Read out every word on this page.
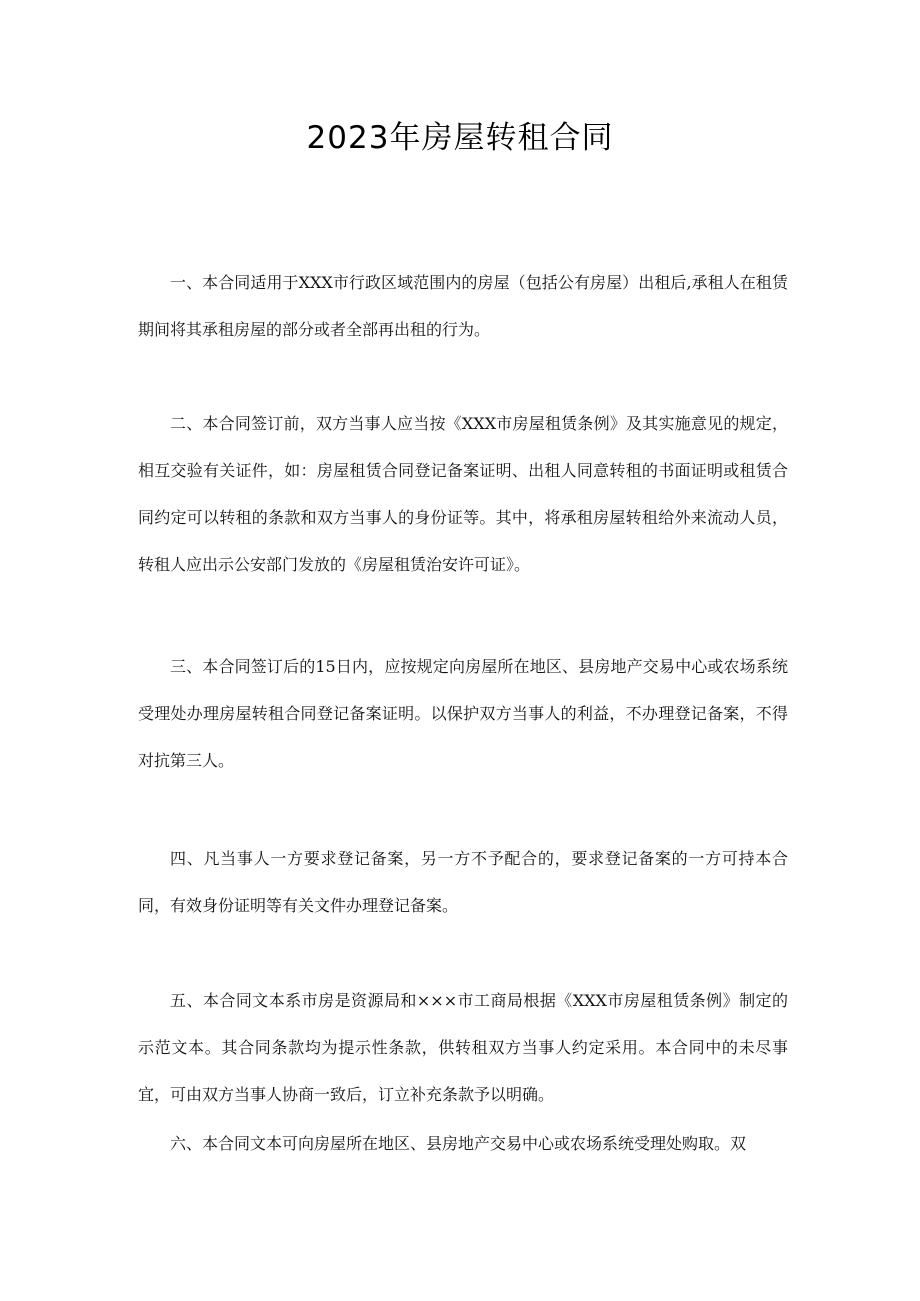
2023年房屋转租合同

一、本合同适用于XXX市行政区域范围内的房屋（包括公有房屋）出租后,承租人在租赁期间将其承租房屋的部分或者全部再出租的行为。

二、本合同签订前，双方当事人应当按《XXX市房屋租赁条例》及其实施意见的规定，相互交验有关证件，如：房屋租赁合同登记备案证明、出租人同意转租的书面证明或租赁合同约定可以转租的条款和双方当事人的身份证等。其中，将承租房屋转租给外来流动人员，转租人应出示公安部门发放的《房屋租赁治安许可证》。

三、本合同签订后的15日内，应按规定向房屋所在地区、县房地产交易中心或农场系统受理处办理房屋转租合同登记备案证明。以保护双方当事人的利益，不办理登记备案，不得对抗第三人。

四、凡当事人一方要求登记备案，另一方不予配合的，要求登记备案的一方可持本合同，有效身份证明等有关文件办理登记备案。

五、本合同文本系市房是资源局和×××市工商局根据《XXX市房屋租赁条例》制定的示范文本。其合同条款均为提示性条款，供转租双方当事人约定采用。本合同中的未尽事宜，可由双方当事人协商一致后，订立补充条款予以明确。

六、本合同文本可向房屋所在地区、县房地产交易中心或农场系统受理处购取。双
